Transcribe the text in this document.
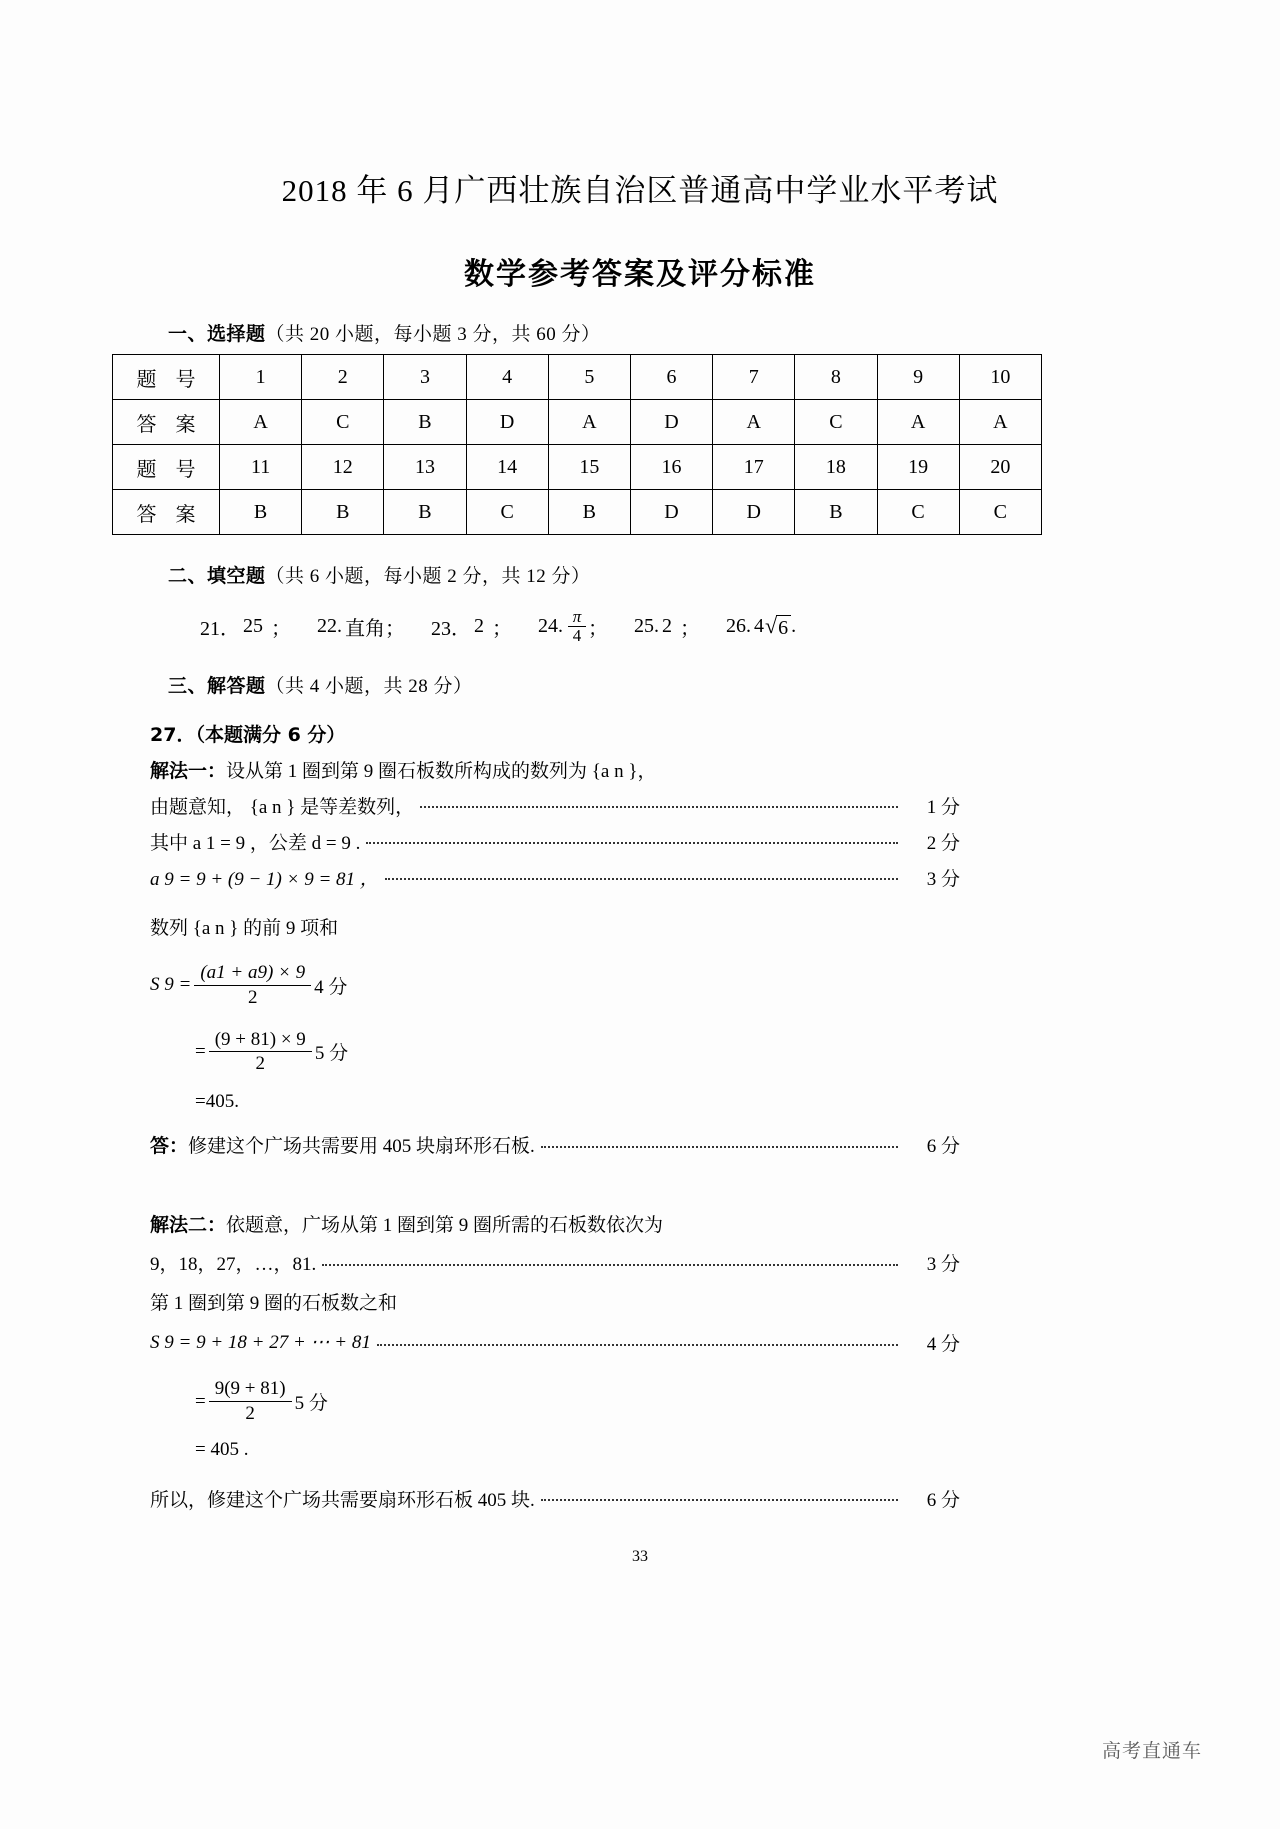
2018 年 6 月广西壮族自治区普通高中学业水平考试
数学参考答案及评分标准
一、选择题（共 20 小题，每小题 3 分，共 60 分）
题 号	1	2	3	4	5	6	7	8	9	10
答 案	A	C	B	D	A	D	A	C	A	A
题 号	11	12	13	14	15	16	17	18	19	20
答 案	B	B	B	C	B	D	D	B	C	C
二、填空题（共 6 小题，每小题 2 分，共 12 分）
21． 25 ； 22. 直角 ； 23． 2 ； 24. $\frac{\pi}{4}$ ； 25. 2 ； 26. 4 √ 6 .
三、解答题（共 4 小题，共 28 分）
27．（本题满分 6 分）
解法一： 设从第 1 圈到第 9 圈石板数所构成的数列为 {a n }，
由题意知， {a n } 是等差数列，	1 分
其中 a 1 = 9 ，公差 d = 9 .	2 分
a 9 = 9 + (9 − 1) × 9 = 81 ，	3 分
数列 {a n } 的前 9 项和
S 9 =
(a1 + a9) × 9
2	4 分
=
(9 + 81) × 9
2	5 分
=405.
答： 修建这个广场共需要用 405 块扇环形石板.	6 分
解法二： 依题意，广场从第 1 圈到第 9 圈所需的石板数依次为
9，18，27，…，81.	3 分
第 1 圈到第 9 圈的石板数之和
S 9 = 9 + 18 + 27 + ⋯ + 81	4 分
=
9(9 + 81)
2	5 分
= 405 .
所以，修建这个广场共需要扇环形石板 405 块.	6 分
33
高考直通车
